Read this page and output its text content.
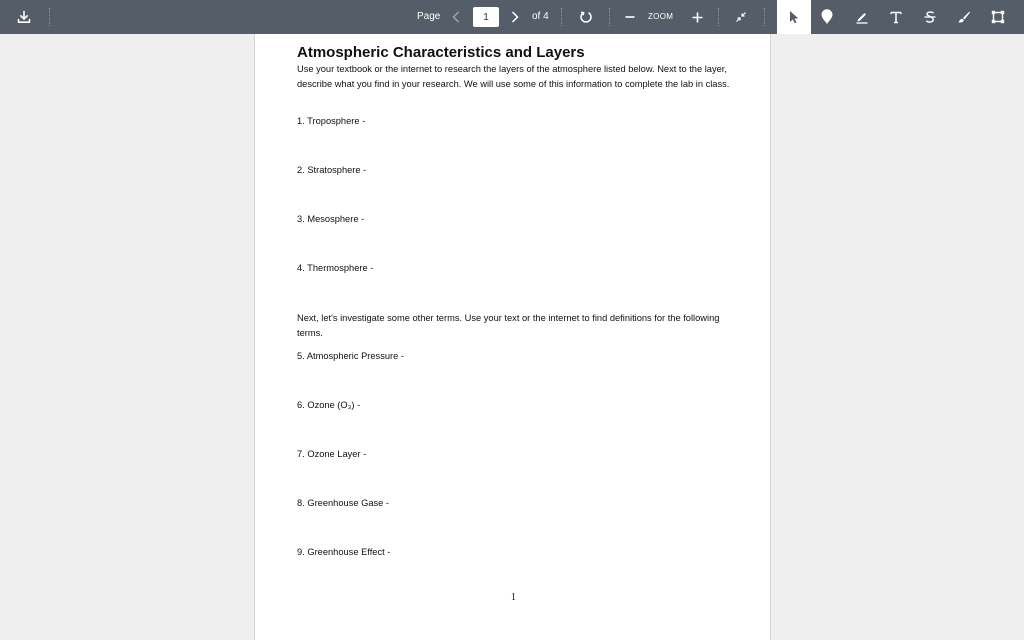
Page
1	of 4	ZOOM
Atmospheric Characteristics and Layers

Use your textbook or the internet to research the layers of the atmosphere listed below. Next to the layer, describe what you find in your research. We will use some of this information to complete the lab in class.

1. Troposphere -
2. Stratosphere -
3. Mesosphere -
4. Thermosphere -

Next, let's investigate some other terms. Use your text or the internet to find definitions for the following terms.

5. Atmospheric Pressure -
6. Ozone (O₃) -
7. Ozone Layer -
8. Greenhouse Gase -
9. Greenhouse Effect -
1
